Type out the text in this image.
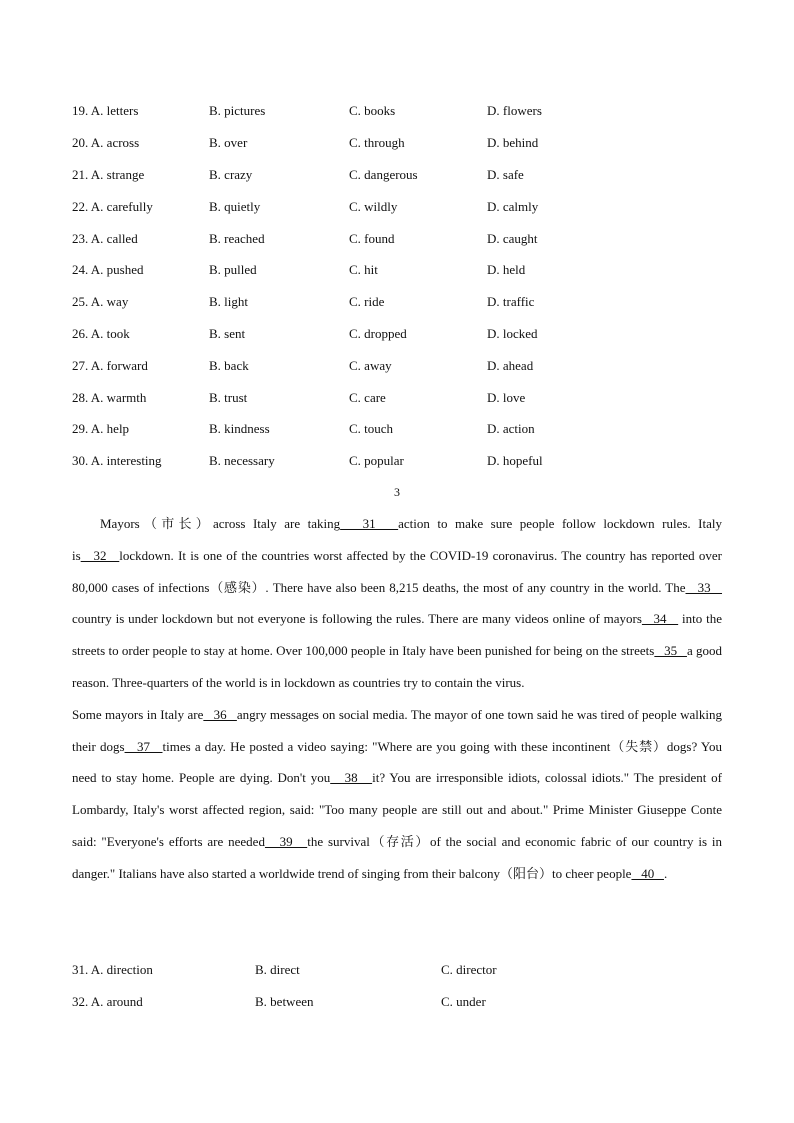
19. A. letters	B. pictures	C. books	D. flowers
20. A. across	B. over	C. through	D. behind
21. A. strange	B. crazy	C. dangerous	D. safe
22. A. carefully	B. quietly	C. wildly	D. calmly
23. A. called	B. reached	C. found	D. caught
24. A. pushed	B. pulled	C. hit	D. held
25. A. way	B. light	C. ride	D. traffic
26. A. took	B. sent	C. dropped	D. locked
27. A. forward	B. back	C. away	D. ahead
28. A. warmth	B. trust	C. care	D. love
29. A. help	B. kindness	C. touch	D. action
30. A. interesting	B. necessary	C. popular	D. hopeful
3

Mayors（市长）across Italy are taking   31   action to make sure people follow lockdown rules. Italy is   32   lockdown. It is one of the countries worst affected by the COVID-19 coronavirus. The country has reported over 80,000 cases of infections（感染）. There have also been 8,215 deaths, the most of any country in the world. The   33    country is under lockdown but not everyone is following the rules. There are many videos online of mayors   34    into the streets to order people to stay at home. Over 100,000 people in Italy have been punished for being on the streets   35   a good reason. Three-quarters of the world is in lockdown as countries try to contain the virus.

Some mayors in Italy are   36   angry messages on social media. The mayor of one town said he was tired of people walking their dogs   37   times a day. He posted a video saying: "Where are you going with these incontinent（失禁）dogs? You need to stay home. People are dying. Don't you   38   it? You are irresponsible idiots, colossal idiots." The president of Lombardy, Italy's worst affected region, said: "Too many people are still out and about." Prime Minister Giuseppe Conte said: "Everyone's efforts are needed   39   the survival（存活）of the social and economic fabric of our country is in danger." Italians have also started a worldwide trend of singing from their balcony（阳台）to cheer people   40   .

31. A. direction	B. direct	C. director
32. A. around	B. between	C. under
